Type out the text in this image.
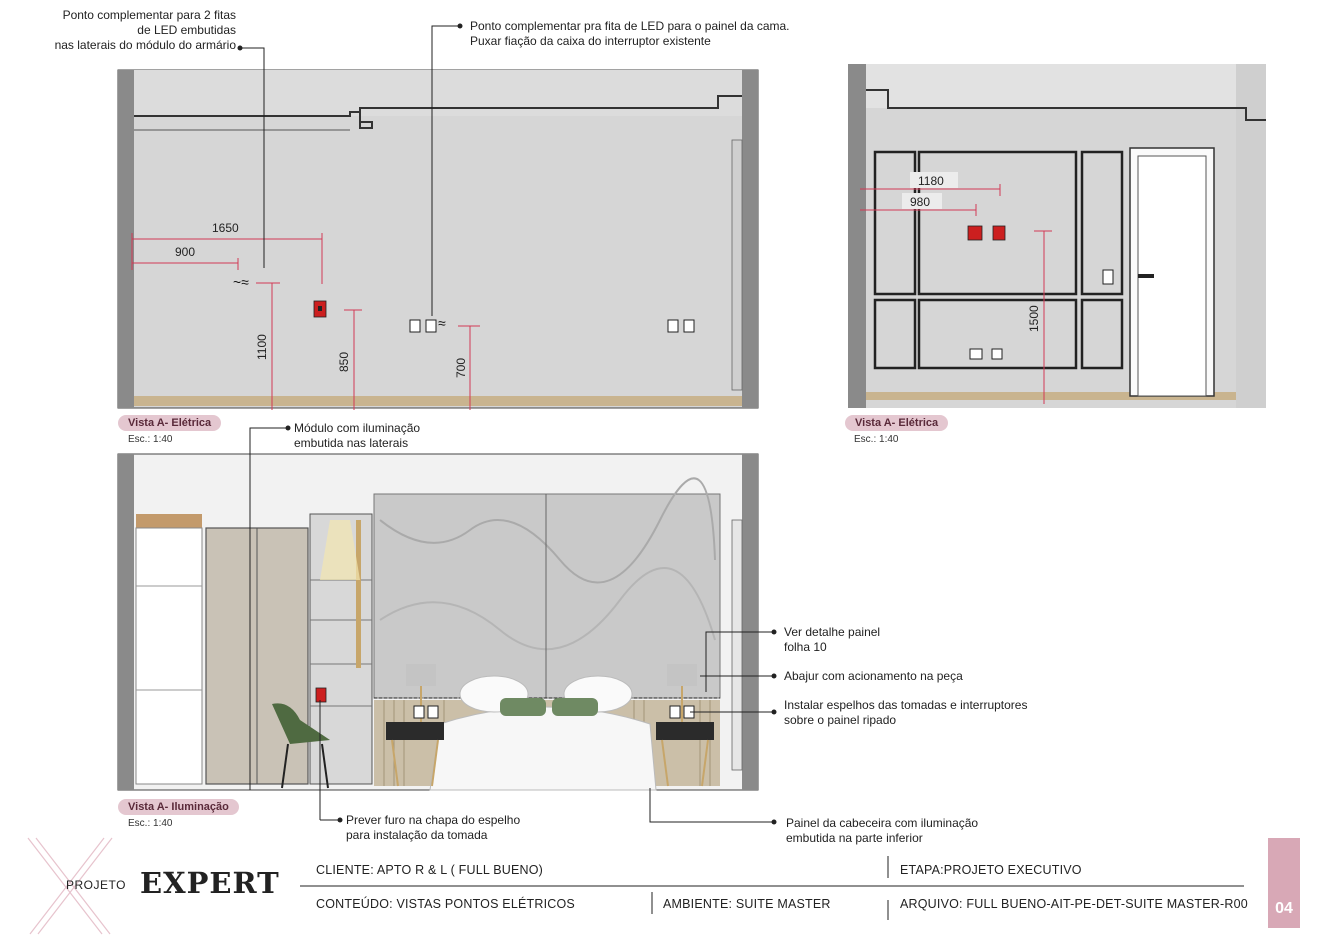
~≈
≈
1650
900
1100
850	700
1180
980
1500
Ponto complementar para 2 fitas
de LED embutidas
nas laterais do módulo do armário
Ponto complementar pra fita de LED para o painel da cama.
Puxar fiação da caixa do interruptor existente
Módulo com iluminação
embutida nas laterais
Ver detalhe painel
folha 10
Abajur com acionamento na peça
Instalar espelhos das tomadas e interruptores
sobre o painel ripado
Prever furo na chapa do espelho
para instalação da tomada
Painel da cabeceira com iluminação
embutida na parte inferior
Vista A- Elétrica
Esc.: 1:40
Vista A- Elétrica
Esc.: 1:40
Vista A- Iluminação
Esc.: 1:40
PROJETO EXPERT	CLIENTE: APTO R & L ( FULL BUENO)	ETAPA:PROJETO EXECUTIVO
CONTEÚDO: VISTAS PONTOS ELÉTRICOS	AMBIENTE: SUITE MASTER	ARQUIVO: FULL BUENO-AIT-PE-DET-SUITE MASTER-R00	04
